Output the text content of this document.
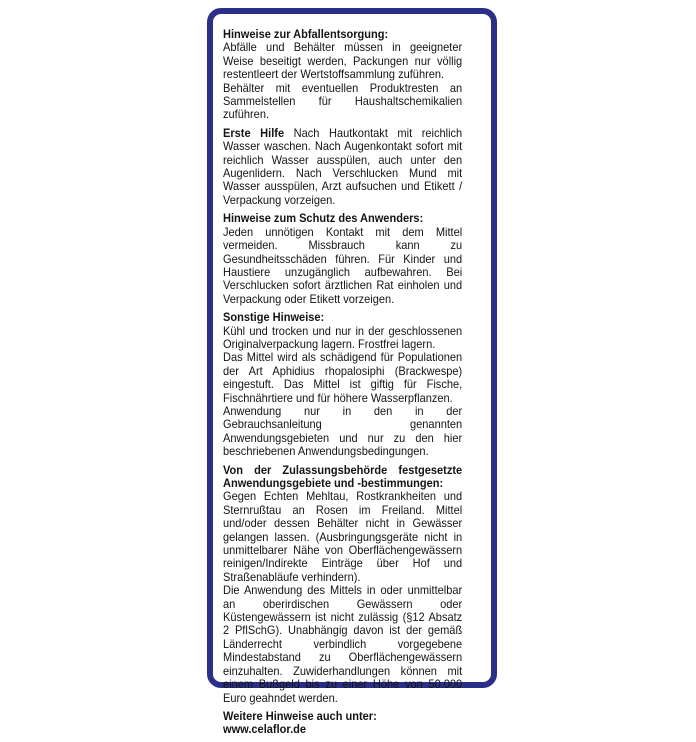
Hinweise zur Abfallentsorgung:
Abfälle und Behälter müssen in geeigneter Weise beseitigt werden, Packungen nur völlig restentleert der Wertstoffsammlung zuführen.
Behälter mit eventuellen Produktresten an Sammelstellen für Haushaltschemikalien zuführen.
Erste Hilfe Nach Hautkontakt mit reichlich Wasser waschen. Nach Augenkontakt sofort mit reichlich Wasser ausspülen, auch unter den Augenlidern. Nach Verschlucken Mund mit Wasser ausspülen, Arzt aufsuchen und Etikett / Verpackung vorzeigen.
Hinweise zum Schutz des Anwenders:
Jeden unnötigen Kontakt mit dem Mittel vermeiden. Missbrauch kann zu Gesundheitsschäden führen. Für Kinder und Haustiere unzugänglich aufbewahren. Bei Verschlucken sofort ärztlichen Rat einholen und Verpackung oder Etikett vorzeigen.
Sonstige Hinweise:
Kühl und trocken und nur in der geschlossenen Originalverpackung lagern. Frostfrei lagern.
Das Mittel wird als schädigend für Populationen der Art Aphidius rhopalosiphi (Brackwespe) eingestuft. Das Mittel ist giftig für Fische, Fischnährtiere und für höhere Wasserpflanzen.
Anwendung nur in den in der Gebrauchsanleitung genannten Anwendungsgebieten und nur zu den hier beschriebenen Anwendungsbedingungen.
Von der Zulassungsbehörde festgesetzte Anwendungsgebiete und -bestimmungen:
Gegen Echten Mehltau, Rostkrankheiten und Sternrußtau an Rosen im Freiland. Mittel und/oder dessen Behälter nicht in Gewässer gelangen lassen. (Ausbringungsgeräte nicht in unmittelbarer Nähe von Oberflächengewässern reinigen/Indirekte Einträge über Hof und Straßenabläufe verhindern).
Die Anwendung des Mittels in oder unmittelbar an oberirdischen Gewässern oder Küstengewässern ist nicht zulässig (§12 Absatz 2 PflSchG). Unabhängig davon ist der gemäß Länderrecht verbindlich vorgegebene Mindestabstand zu Oberflächengewässern einzuhalten. Zuwiderhandlungen können mit einem Bußgeld bis zu einer Höhe von 50.000 Euro geahndet werden.
Weitere Hinweise auch unter:
www.celaflor.de
